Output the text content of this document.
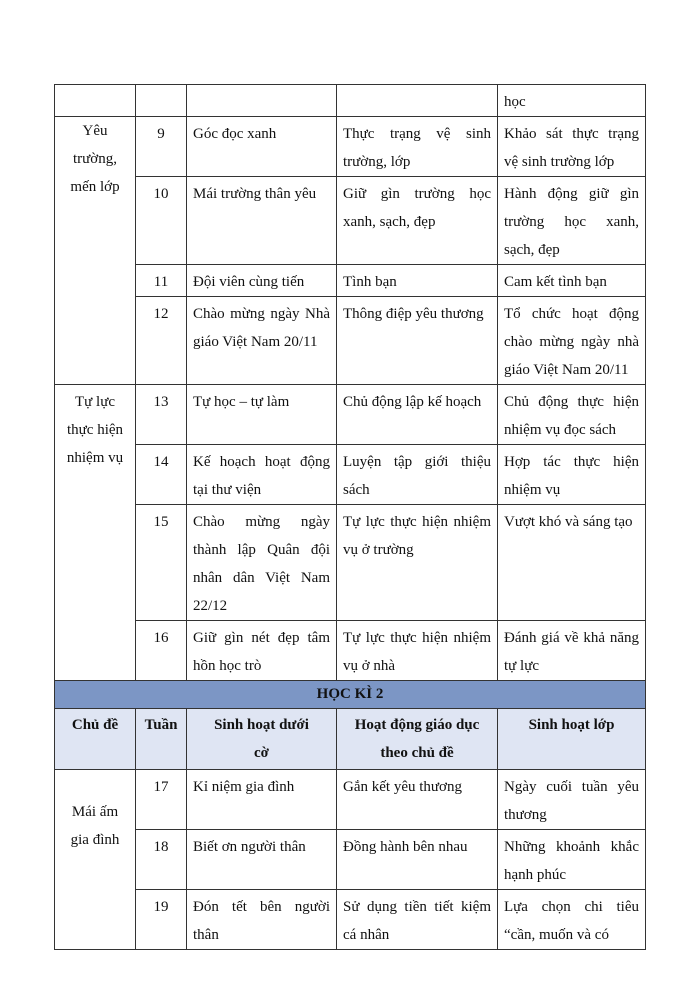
				học
Yêu trường, mến lớp	9	Góc đọc xanh	Thực trạng vệ sinh trường, lớp	Khảo sát thực trạng vệ sinh trường lớp
	10	Mái trường thân yêu	Giữ gìn trường học xanh, sạch, đẹp	Hành động giữ gìn trường học xanh, sạch, đẹp
	11	Đội viên cùng tiến	Tình bạn	Cam kết tình bạn
	12	Chào mừng ngày Nhà giáo Việt Nam 20/11	Thông điệp yêu thương	Tổ chức hoạt động chào mừng ngày nhà giáo Việt Nam 20/11
Tự lực thực hiện nhiệm vụ	13	Tự học – tự làm	Chủ động lập kế hoạch	Chủ động thực hiện nhiệm vụ đọc sách
	14	Kế hoạch hoạt động tại thư viện	Luyện tập giới thiệu sách	Hợp tác thực hiện nhiệm vụ
	15	Chào mừng ngày thành lập Quân đội nhân dân Việt Nam 22/12	Tự lực thực hiện nhiệm vụ ở trường	Vượt khó và sáng tạo
	16	Giữ gìn nét đẹp tâm hồn học trò	Tự lực thực hiện nhiệm vụ ở nhà	Đánh giá về khả năng tự lực
HỌC KÌ 2				
Chủ đề	Tuần	Sinh hoạt dưới cờ	Hoạt động giáo dục theo chủ đề	Sinh hoạt lớp
Mái ấm gia đình	17	Kỉ niệm gia đình	Gắn kết yêu thương	Ngày cuối tuần yêu thương
	18	Biết ơn người thân	Đồng hành bên nhau	Những khoảnh khắc hạnh phúc
	19	Đón tết bên người thân	Sử dụng tiền tiết kiệm cá nhân	Lựa chọn chi tiêu “cần, muốn và có
